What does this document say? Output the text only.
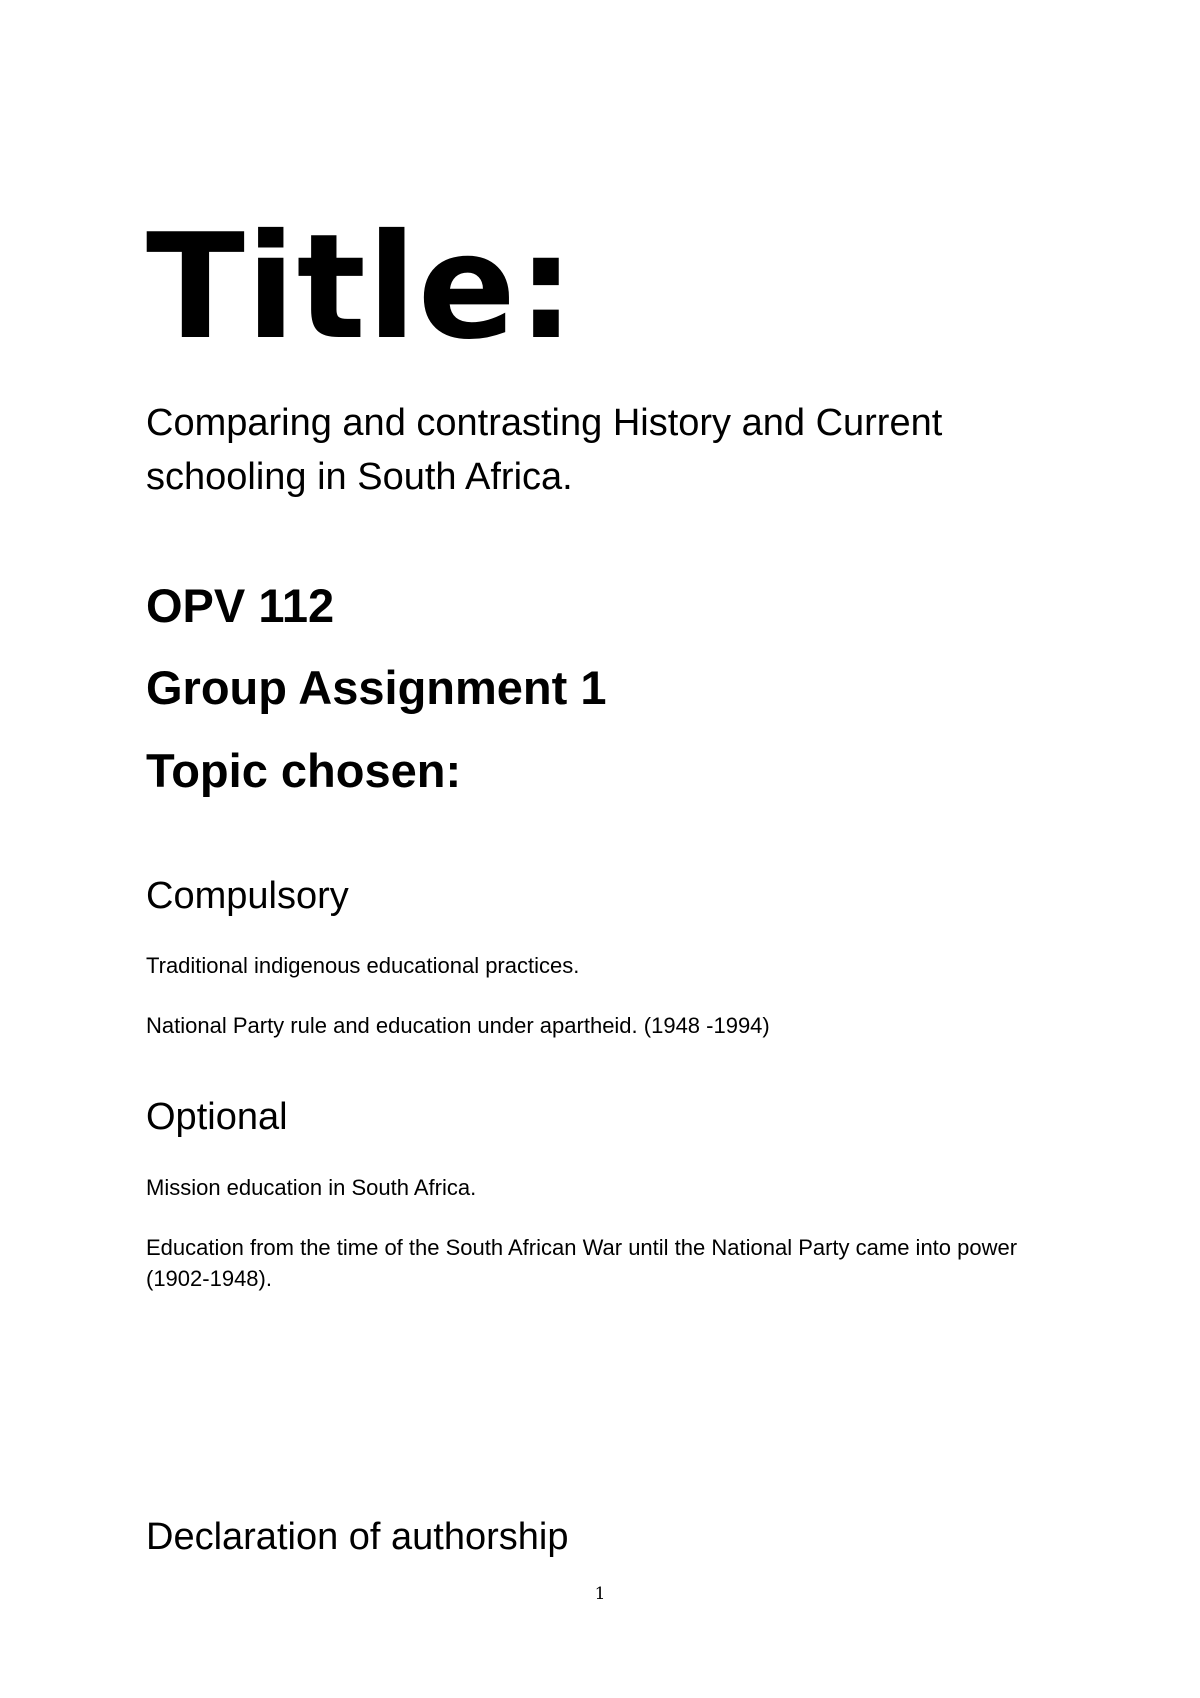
Title:

Comparing and contrasting History and Current schooling in South Africa.

OPV 112
Group Assignment 1
Topic chosen:
Compulsory

Traditional indigenous educational practices.

National Party rule and education under apartheid. (1948 -1994)

Optional

Mission education in South Africa.

Education from the time of the South African War until the National Party came into power (1902-1948).

Declaration of authorship
1
